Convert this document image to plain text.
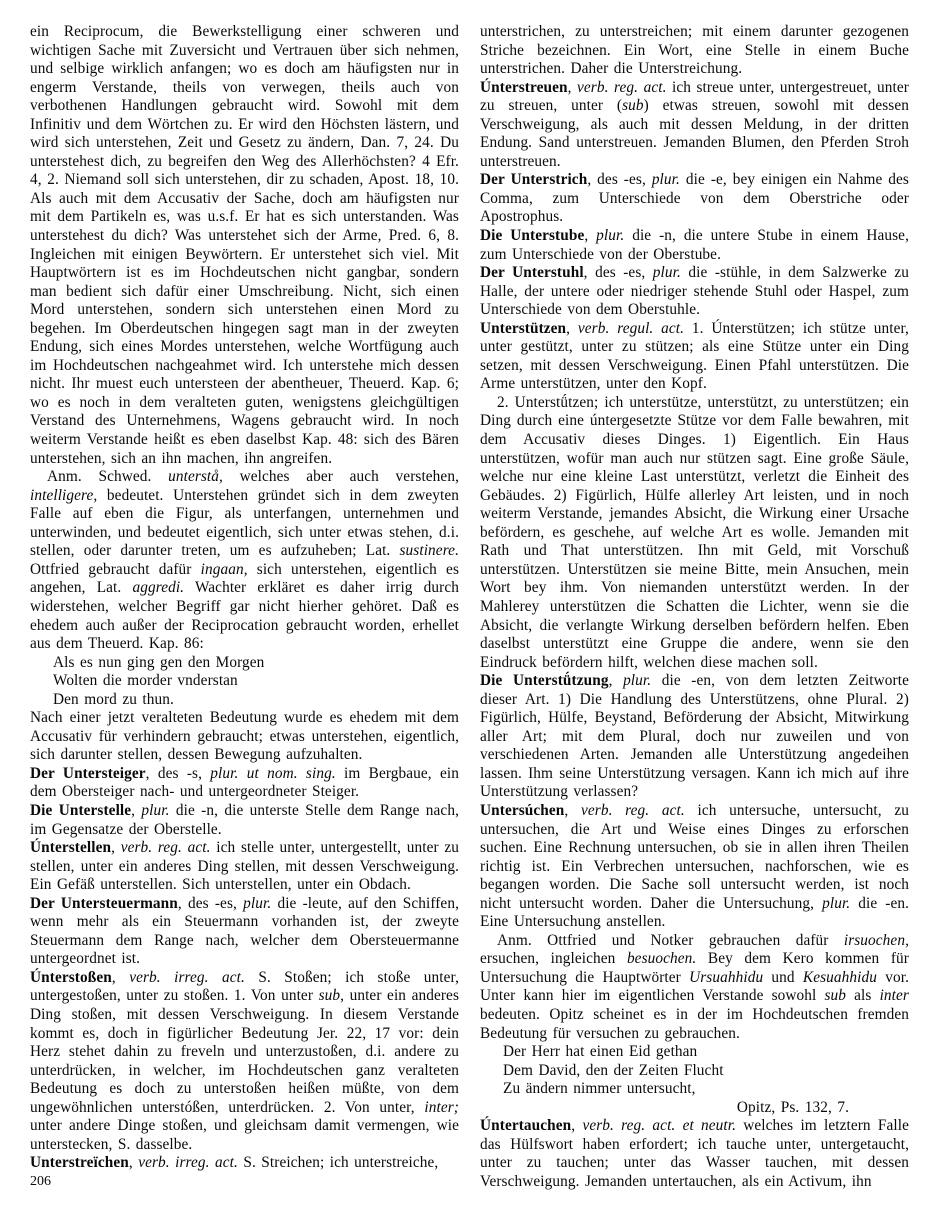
ein Reciprocum, die Bewerkstelligung einer schweren und wichtigen Sache mit Zuversicht und Vertrauen über sich nehmen, und selbige wirklich anfangen; wo es doch am häufigsten nur in engerm Verstande, theils von verwegen, theils auch von verbothenen Handlungen gebraucht wird. Sowohl mit dem Infinitiv und dem Wörtchen zu. Er wird den Höchsten lästern, und wird sich unterstehen, Zeit und Gesetz zu ändern, Dan. 7, 24. Du unterstehest dich, zu begreifen den Weg des Allerhöchsten? 4 Efr. 4, 2. Niemand soll sich unterstehen, dir zu schaden, Apost. 18, 10. Als auch mit dem Accusativ der Sache, doch am häufigsten nur mit dem Partikeln es, was u.s.f. Er hat es sich unterstanden. Was unterstehest du dich? Was unterstehet sich der Arme, Pred. 6, 8. Ingleichen mit einigen Beywörtern. Er unterstehet sich viel. Mit Hauptwörtern ist es im Hochdeutschen nicht gangbar, sondern man bedient sich dafür einer Umschreibung. Nicht, sich einen Mord unterstehen, sondern sich unterstehen einen Mord zu begehen. Im Oberdeutschen hingegen sagt man in der zweyten Endung, sich eines Mordes unterstehen, welche Wortfügung auch im Hochdeutschen nachgeahmet wird. Ich unterstehe mich dessen nicht. Ihr muest euch untersteen der abentheuer, Theuerd. Kap. 6; wo es noch in dem veralteten guten, wenigstens gleichgültigen Verstand des Unternehmens, Wagens gebraucht wird. In noch weiterm Verstande heißt es eben daselbst Kap. 48: sich des Bären unterstehen, sich an ihn machen, ihn angreifen.

Anm. Schwed. unterstå, welches aber auch verstehen, intelligere, bedeutet. Unterstehen gründet sich in dem zweyten Falle auf eben die Figur, als unterfangen, unternehmen und unterwinden, und bedeutet eigentlich, sich unter etwas stehen, d.i. stellen, oder darunter treten, um es aufzuheben; Lat. sustinere. Ottfried gebraucht dafür ingaan, sich unterstehen, eigentlich es angehen, Lat. aggredi. Wachter erkläret es daher irrig durch widerstehen, welcher Begriff gar nicht hierher gehöret. Daß es ehedem auch außer der Reciprocation gebraucht worden, erhellet aus dem Theuerd. Kap. 86:

Als es nun ging gen den Morgen

Wolten die morder vnderstan

Den mord zu thun.

Nach einer jetzt veralteten Bedeutung wurde es ehedem mit dem Accusativ für verhindern gebraucht; etwas unterstehen, eigentlich, sich darunter stellen, dessen Bewegung aufzuhalten.

Der Untersteiger, des -s, plur. ut nom. sing. im Bergbaue, ein dem Obersteiger nach- und untergeordneter Steiger.

Die Unterstelle, plur. die -n, die unterste Stelle dem Range nach, im Gegensatze der Oberstelle.

Únterstellen, verb. reg. act. ich stelle unter, untergestellt, unter zu stellen, unter ein anderes Ding stellen, mit dessen Verschweigung. Ein Gefäß unterstellen. Sich unterstellen, unter ein Obdach.

Der Untersteuermann, des -es, plur. die -leute, auf den Schiffen, wenn mehr als ein Steuermann vorhanden ist, der zweyte Steuermann dem Range nach, welcher dem Obersteuermanne untergeordnet ist.

Únterstoßen, verb. irreg. act. S. Stoßen; ich stoße unter, untergestoßen, unter zu stoßen. 1. Von unter sub, unter ein anderes Ding stoßen, mit dessen Verschweigung. In diesem Verstande kommt es, doch in figürlicher Bedeutung Jer. 22, 17 vor: dein Herz stehet dahin zu freveln und unterzustoßen, d.i. andere zu unterdrücken, in welcher, im Hochdeutschen ganz veralteten Bedeutung es doch zu unterstoßen heißen müßte, von dem ungewöhnlichen unterstóßen, unterdrücken. 2. Von unter, inter; unter andere Dinge stoßen, und gleichsam damit vermengen, wie unterstecken, S. dasselbe.

Unterstreïchen, verb. irreg. act. S. Streichen; ich unterstreiche,

unterstrichen, zu unterstreichen; mit einem darunter gezogenen Striche bezeichnen. Ein Wort, eine Stelle in einem Buche unterstrichen. Daher die Unterstreichung.

Únterstreuen, verb. reg. act. ich streue unter, untergestreuet, unter zu streuen, unter (sub) etwas streuen, sowohl mit dessen Verschweigung, als auch mit dessen Meldung, in der dritten Endung. Sand unterstreuen. Jemanden Blumen, den Pferden Stroh unterstreuen.

Der Unterstrich, des -es, plur. die -e, bey einigen ein Nahme des Comma, zum Unterschiede von dem Oberstriche oder Apostrophus.

Die Unterstube, plur. die -n, die untere Stube in einem Hause, zum Unterschiede von der Oberstube.

Der Unterstuhl, des -es, plur. die -stühle, in dem Salzwerke zu Halle, der untere oder niedriger stehende Stuhl oder Haspel, zum Unterschiede von dem Oberstuhle.

Unterstützen, verb. regul. act. 1. Únterstützen; ich stütze unter, unter gestützt, unter zu stützen; als eine Stütze unter ein Ding setzen, mit dessen Verschweigung. Einen Pfahl unterstützen. Die Arme unterstützen, unter den Kopf.

2. Unterstǘtzen; ich unterstütze, unterstützt, zu unterstützen; ein Ding durch eine úntergesetzte Stütze vor dem Falle bewahren, mit dem Accusativ dieses Dinges. 1) Eigentlich. Ein Haus unterstützen, wofür man auch nur stützen sagt. Eine große Säule, welche nur eine kleine Last unterstützt, verletzt die Einheit des Gebäudes. 2) Figürlich, Hülfe allerley Art leisten, und in noch weiterm Verstande, jemandes Absicht, die Wirkung einer Ursache befördern, es geschehe, auf welche Art es wolle. Jemanden mit Rath und That unterstützen. Ihn mit Geld, mit Vorschuß unterstützen. Unterstützen sie meine Bitte, mein Ansuchen, mein Wort bey ihm. Von niemanden unterstützt werden. In der Mahlerey unterstützen die Schatten die Lichter, wenn sie die Absicht, die verlangte Wirkung derselben befördern helfen. Eben daselbst unterstützt eine Gruppe die andere, wenn sie den Eindruck befördern hilft, welchen diese machen soll.

Die Unterstǘtzung, plur. die -en, von dem letzten Zeitworte dieser Art. 1) Die Handlung des Unterstützens, ohne Plural. 2) Figürlich, Hülfe, Beystand, Beförderung der Absicht, Mitwirkung aller Art; mit dem Plural, doch nur zuweilen und von verschiedenen Arten. Jemanden alle Unterstützung angedeihen lassen. Ihm seine Unterstützung versagen. Kann ich mich auf ihre Unterstützung verlassen?

Untersúchen, verb. reg. act. ich untersuche, untersucht, zu untersuchen, die Art und Weise eines Dinges zu erforschen suchen. Eine Rechnung untersuchen, ob sie in allen ihren Theilen richtig ist. Ein Verbrechen untersuchen, nachforschen, wie es begangen worden. Die Sache soll untersucht werden, ist noch nicht untersucht worden. Daher die Untersuchung, plur. die -en. Eine Untersuchung anstellen.

Anm. Ottfried und Notker gebrauchen dafür irsuochen, ersuchen, ingleichen besuochen. Bey dem Kero kommen für Untersuchung die Hauptwörter Ursuahhidu und Kesuahhidu vor. Unter kann hier im eigentlichen Verstande sowohl sub als inter bedeuten. Opitz scheinet es in der im Hochdeutschen fremden Bedeutung für versuchen zu gebrauchen.

Der Herr hat einen Eid gethan

Dem David, den der Zeiten Flucht

Zu ändern nimmer untersucht,

Opitz, Ps. 132, 7.

Úntertauchen, verb. reg. act. et neutr. welches im letztern Falle das Hülfswort haben erfordert; ich tauche unter, untergetaucht, unter zu tauchen; unter das Wasser tauchen, mit dessen Verschweigung. Jemanden untertauchen, als ein Activum, ihn

206
